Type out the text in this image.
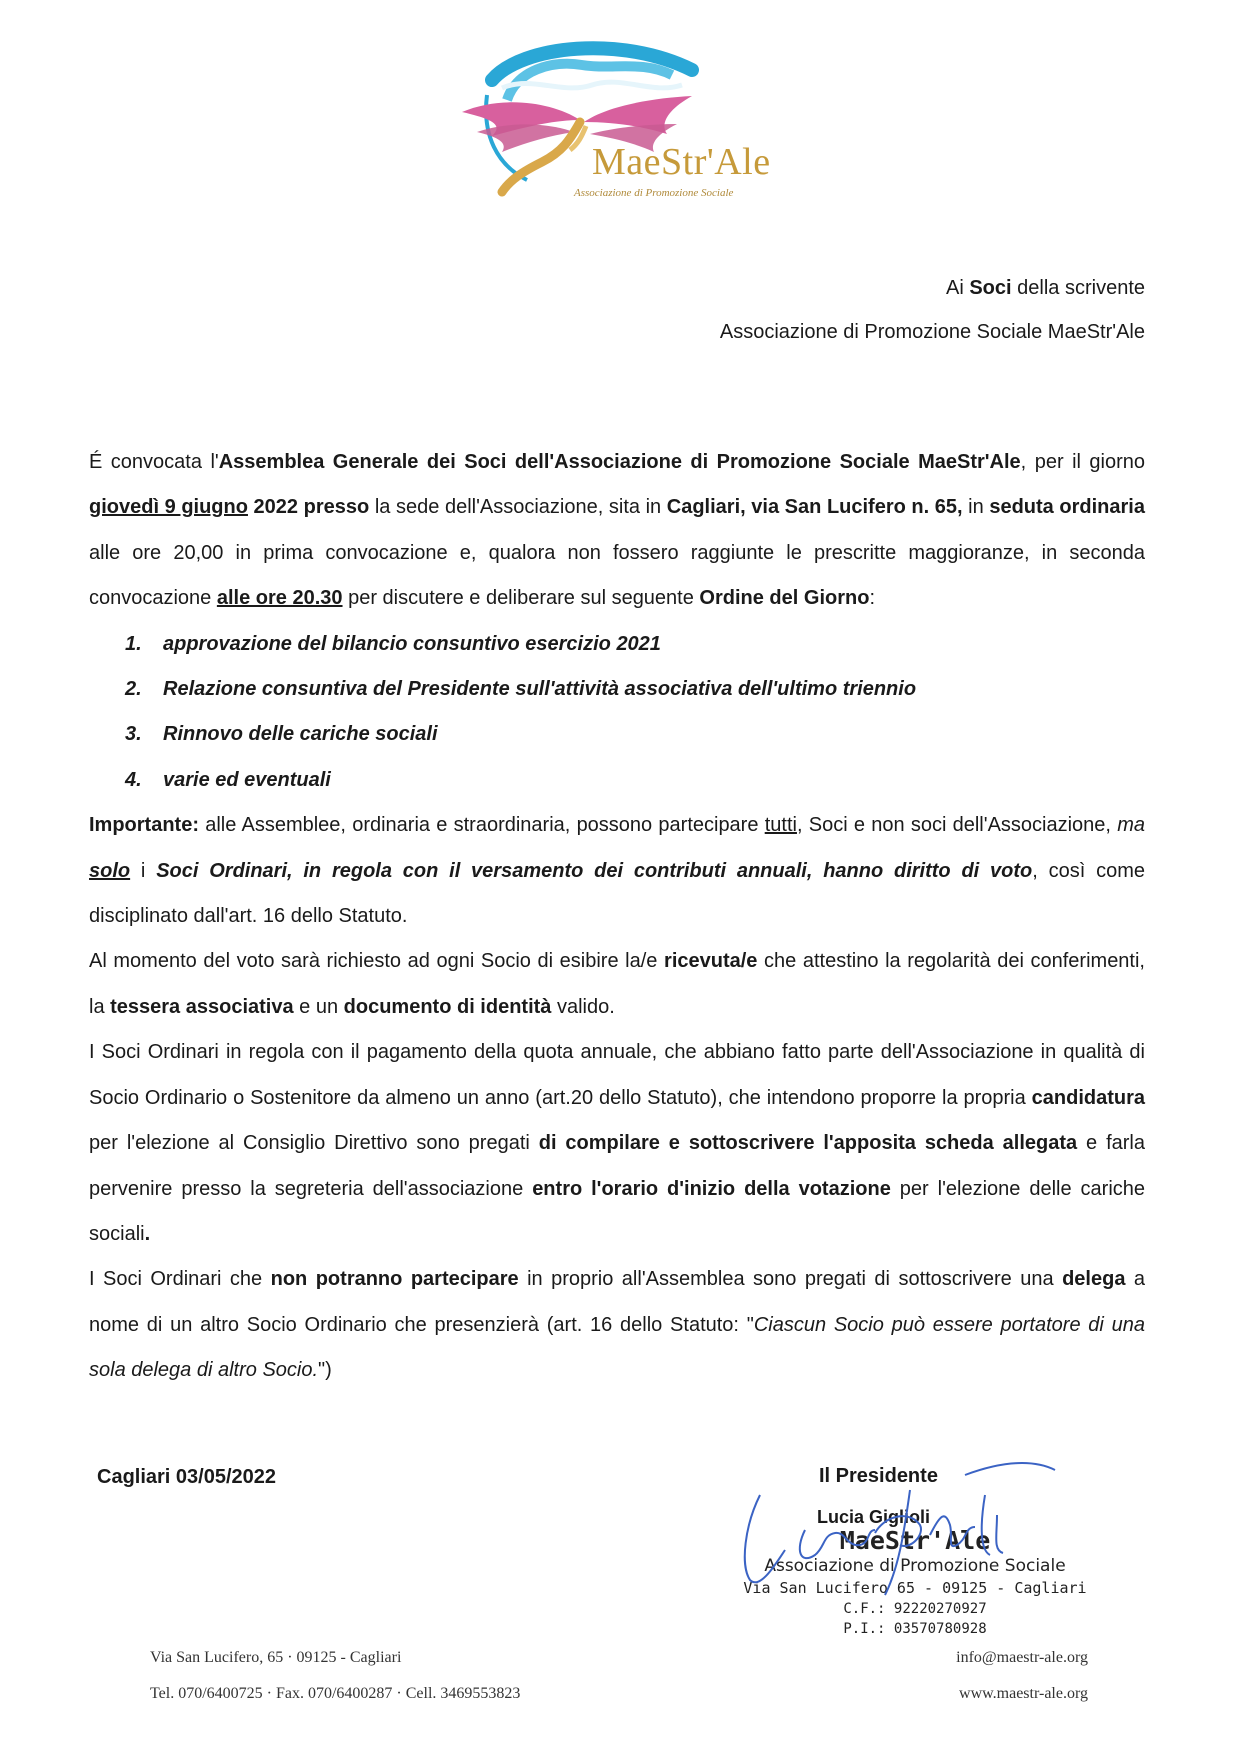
MaeStr'Ale
Associazione di Promozione Sociale
Ai Soci della scrivente
Associazione di Promozione Sociale MaeStr'Ale

É convocata l'Assemblea Generale dei Soci dell'Associazione di Promozione Sociale MaeStr'Ale, per il giorno giovedì 9 giugno 2022 presso la sede dell'Associazione, sita in Cagliari, via San Lucifero n. 65, in seduta ordinaria alle ore 20,00 in prima convocazione e, qualora non fossero raggiunte le prescritte maggioranze, in seconda convocazione alle ore 20.30 per discutere e deliberare sul seguente Ordine del Giorno:

1. approvazione del bilancio consuntivo esercizio 2021
2. Relazione consuntiva del Presidente sull'attività associativa dell'ultimo triennio
3. Rinnovo delle cariche sociali
4. varie ed eventuali

Importante: alle Assemblee, ordinaria e straordinaria, possono partecipare tutti, Soci e non soci dell'Associazione, ma solo i Soci Ordinari, in regola con il versamento dei contributi annuali, hanno diritto di voto, così come disciplinato dall'art. 16 dello Statuto.

Al momento del voto sarà richiesto ad ogni Socio di esibire la/e ricevuta/e che attestino la regolarità dei conferimenti, la tessera associativa e un documento di identità valido.

I Soci Ordinari in regola con il pagamento della quota annuale, che abbiano fatto parte dell'Associazione in qualità di Socio Ordinario o Sostenitore da almeno un anno (art.20 dello Statuto), che intendono proporre la propria candidatura per l'elezione al Consiglio Direttivo sono pregati di compilare e sottoscrivere l'apposita scheda allegata e farla pervenire presso la segreteria dell'associazione entro l'orario d'inizio della votazione per l'elezione delle cariche sociali.

I Soci Ordinari che non potranno partecipare in proprio all'Assemblea sono pregati di sottoscrivere una delega a nome di un altro Socio Ordinario che presenzierà (art. 16 dello Statuto: "Ciascun Socio può essere portatore di una sola delega di altro Socio.")

Cagliari 03/05/2022	Il Presidente
Lucia Giglioli
MaeStr'Ale
Associazione di Promozione Sociale
Via San Lucifero 65 - 09125 - Cagliari
C.F.: 92220270927
P.I.: 03570780928
Via San Lucifero, 65 · 09125 - Cagliari
Tel. 070/6400725 · Fax. 070/6400287 · Cell. 3469553823
info@maestr-ale.org
www.maestr-ale.org
